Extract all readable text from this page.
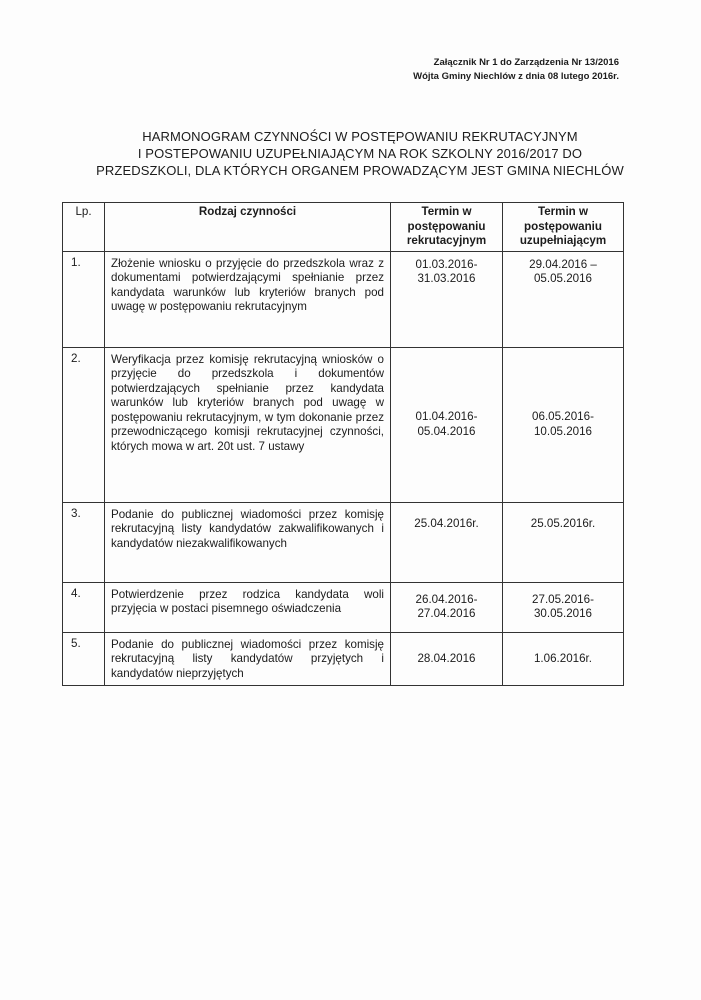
Załącznik Nr 1 do Zarządzenia Nr 13/2016
Wójta Gminy Niechlów z dnia 08 lutego 2016r.
HARMONOGRAM CZYNNOŚCI W POSTĘPOWANIU REKRUTACYJNYM
I POSTEPOWANIU UZUPEŁNIAJĄCYM NA ROK SZKOLNY 2016/2017 DO
PRZEDSZKOLI, DLA KTÓRYCH ORGANEM PROWADZĄCYM JEST GMINA NIECHLÓW
Lp.	Rodzaj czynności	Termin w postępowaniu rekrutacyjnym	Termin w postępowaniu uzupełniającym
1.	Złożenie wniosku o przyjęcie do przedszkola wraz z dokumentami potwierdzającymi spełnianie przez kandydata warunków lub kryteriów branych pod uwagę w postępowaniu rekrutacyjnym	01.03.2016-
31.03.2016	29.04.2016 –
05.05.2016
2.	Weryfikacja przez komisję rekrutacyjną wniosków o przyjęcie do przedszkola i dokumentów potwierdzających spełnianie przez kandydata warunków lub kryteriów branych pod uwagę w postępowaniu rekrutacyjnym, w tym dokonanie przez przewodniczącego komisji rekrutacyjnej czynności, których mowa w art. 20t ust. 7 ustawy	01.04.2016-
05.04.2016	06.05.2016-
10.05.2016
3.	Podanie do publicznej wiadomości przez komisję rekrutacyjną listy kandydatów zakwalifikowanych i kandydatów niezakwalifikowanych	25.04.2016r.	25.05.2016r.
4.	Potwierdzenie przez rodzica kandydata woli przyjęcia w postaci pisemnego oświadczenia	26.04.2016-
27.04.2016	27.05.2016-
30.05.2016
5.	Podanie do publicznej wiadomości przez komisję rekrutacyjną listy kandydatów przyjętych i kandydatów nieprzyjętych	28.04.2016	1.06.2016r.
